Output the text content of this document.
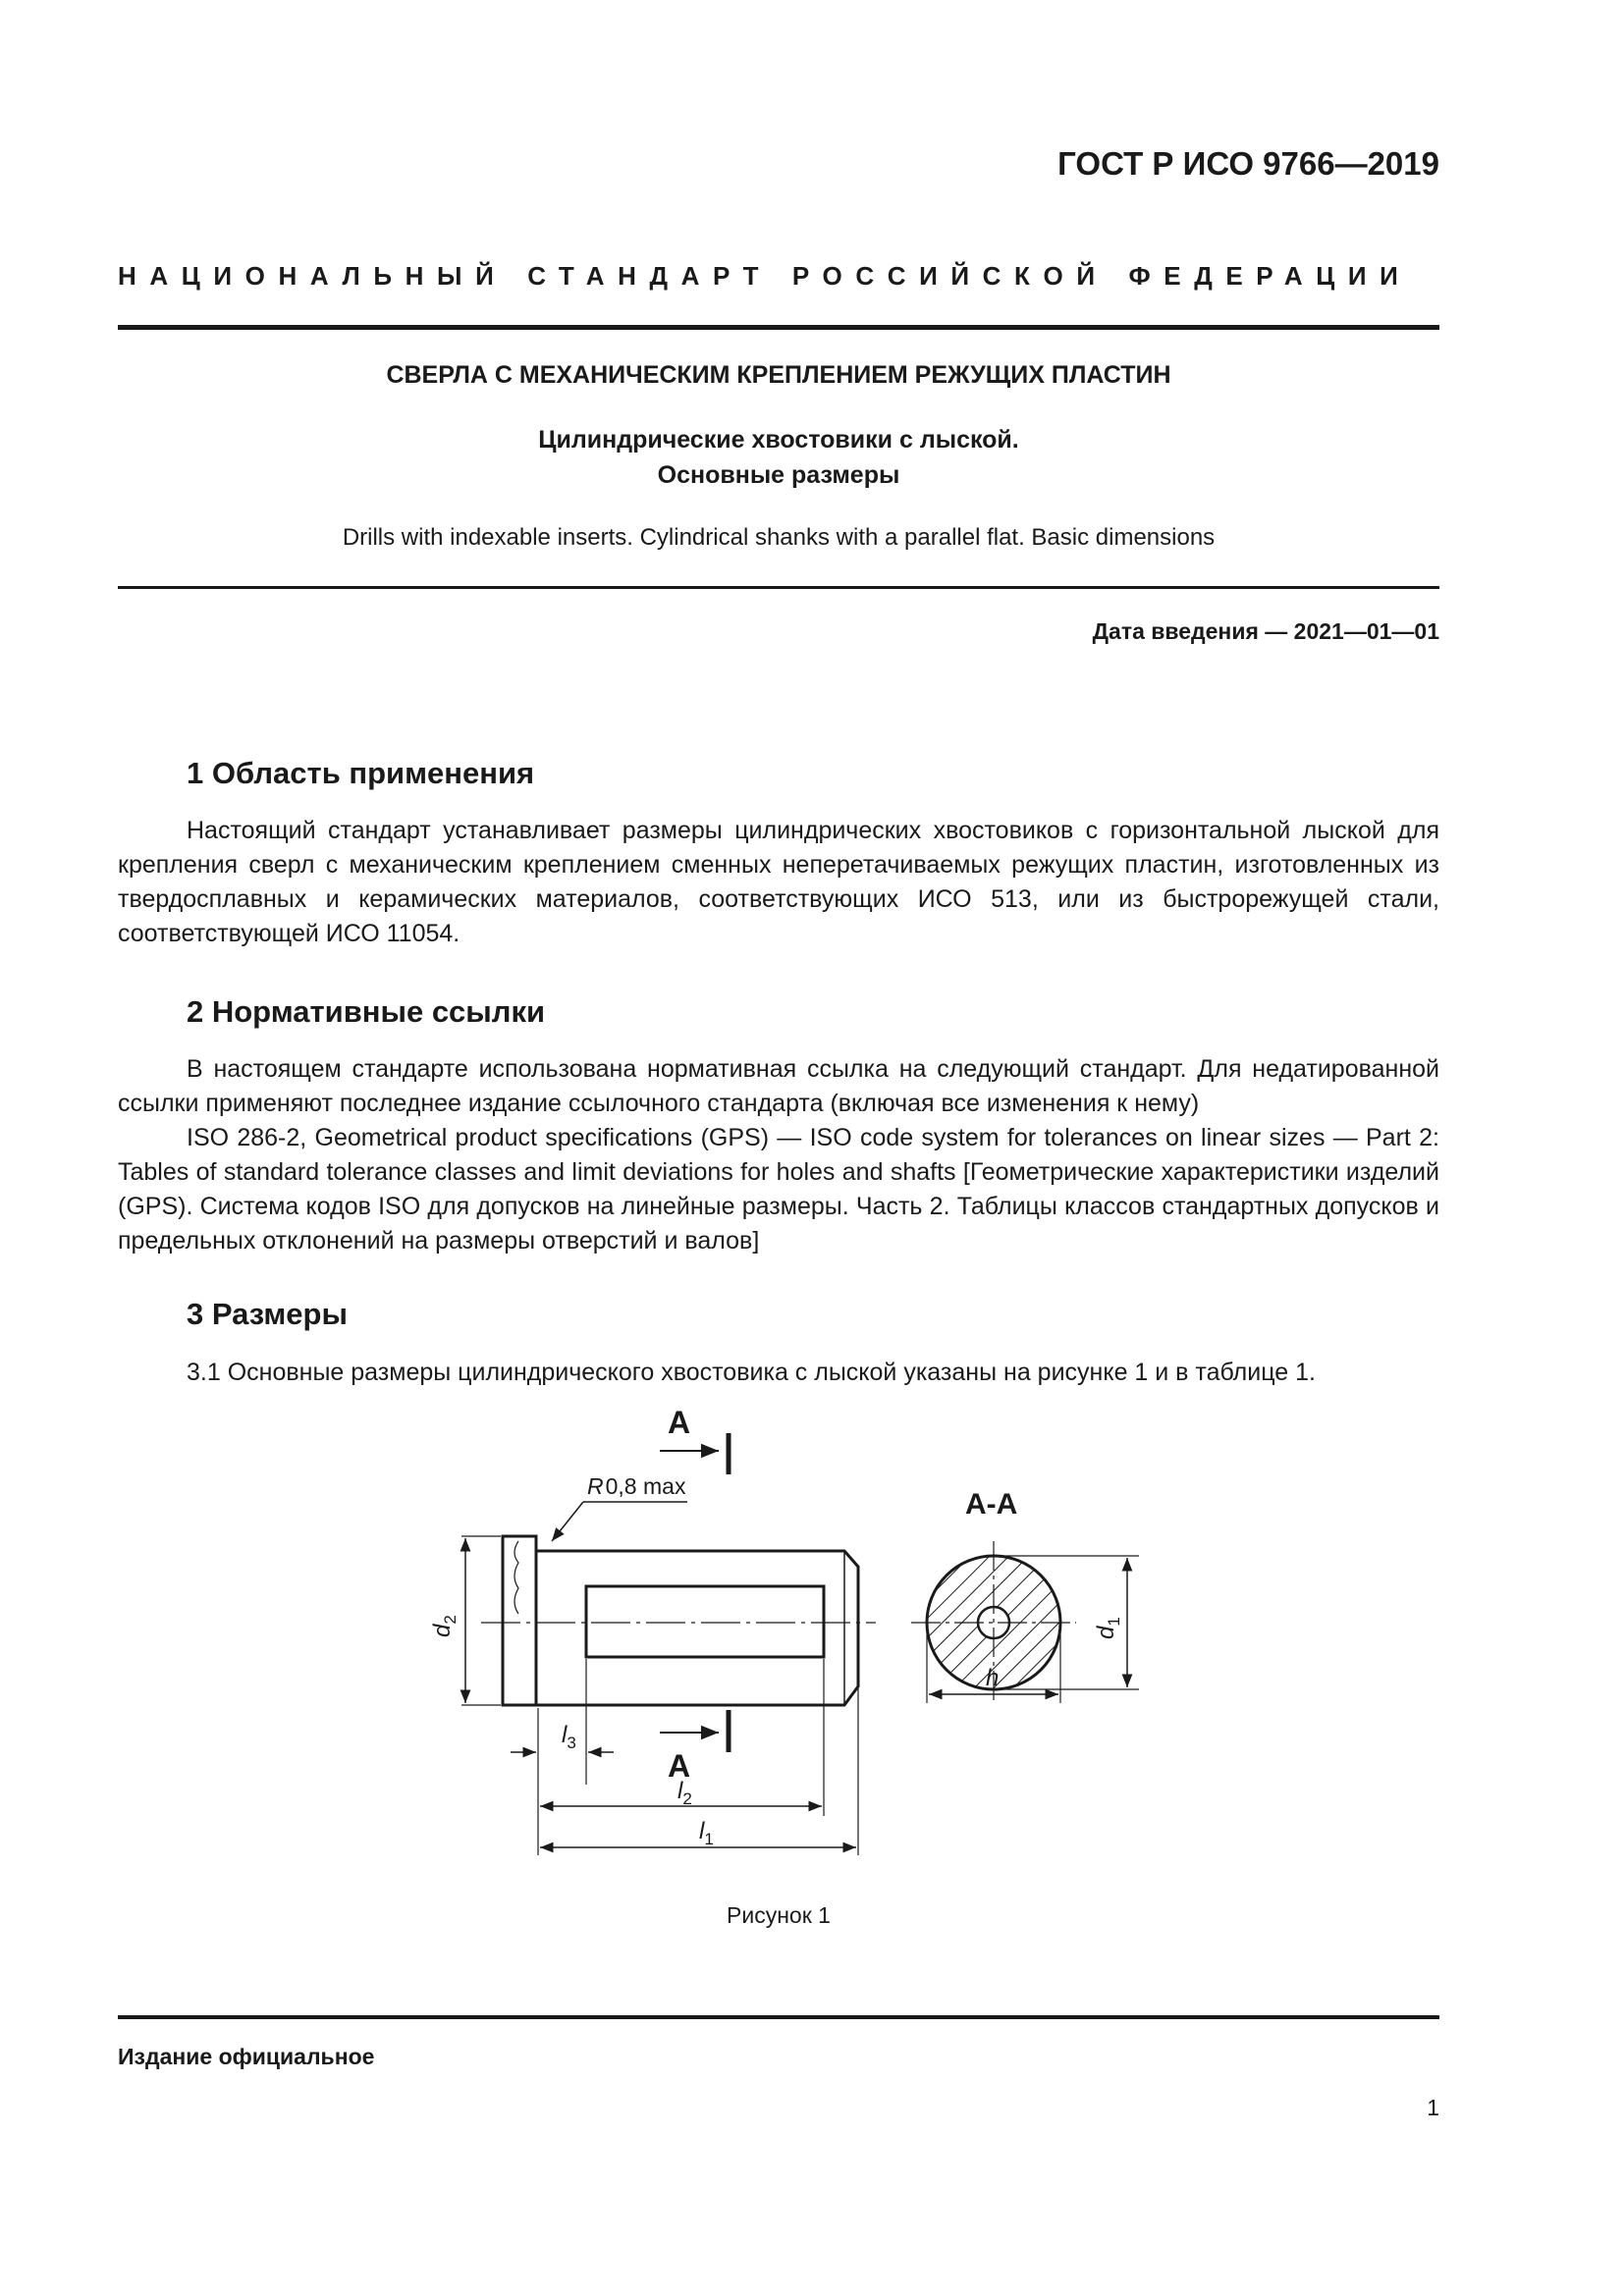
ГОСТ Р ИСО 9766—2019
НАЦИОНАЛЬНЫЙ СТАНДАРТ РОССИЙСКОЙ ФЕДЕРАЦИИ
СВЕРЛА С МЕХАНИЧЕСКИМ КРЕПЛЕНИЕМ РЕЖУЩИХ ПЛАСТИН
Цилиндрические хвостовики с лыской.
Основные размеры
Drills with indexable inserts. Cylindrical shanks with a parallel flat. Basic dimensions
Дата введения — 2021—01—01
1 Область применения

Настоящий стандарт устанавливает размеры цилиндрических хвостовиков с горизонтальной лыской для крепления сверл с механическим креплением сменных неперетачиваемых режущих пластин, изготовленных из твердосплавных и керамических материалов, соответствующих ИСО 513, или из быстрорежущей стали, соответствующей ИСО 11054.

2 Нормативные ссылки

В настоящем стандарте использована нормативная ссылка на следующий стандарт. Для недатированной ссылки применяют последнее издание ссылочного стандарта (включая все изменения к нему)

ISO 286-2, Geometrical product specifications (GPS) — ISO code system for tolerances on linear sizes — Part 2: Tables of standard tolerance classes and limit deviations for holes and shafts [Геометрические характеристики изделий (GPS). Система кодов ISO для допусков на линейные размеры. Часть 2. Таблицы классов стандартных допусков и предельных отклонений на размеры отверстий и валов]

3 Размеры

3.1 Основные размеры цилиндрического хвостовика с лыской указаны на рисунке 1 и в таблице 1.

A
R0,8 max
$d_2$
$l_3$
A
$l_2$
$l_1$
A-A
$d_1$
h
Рисунок 1
Издание официальное
1
